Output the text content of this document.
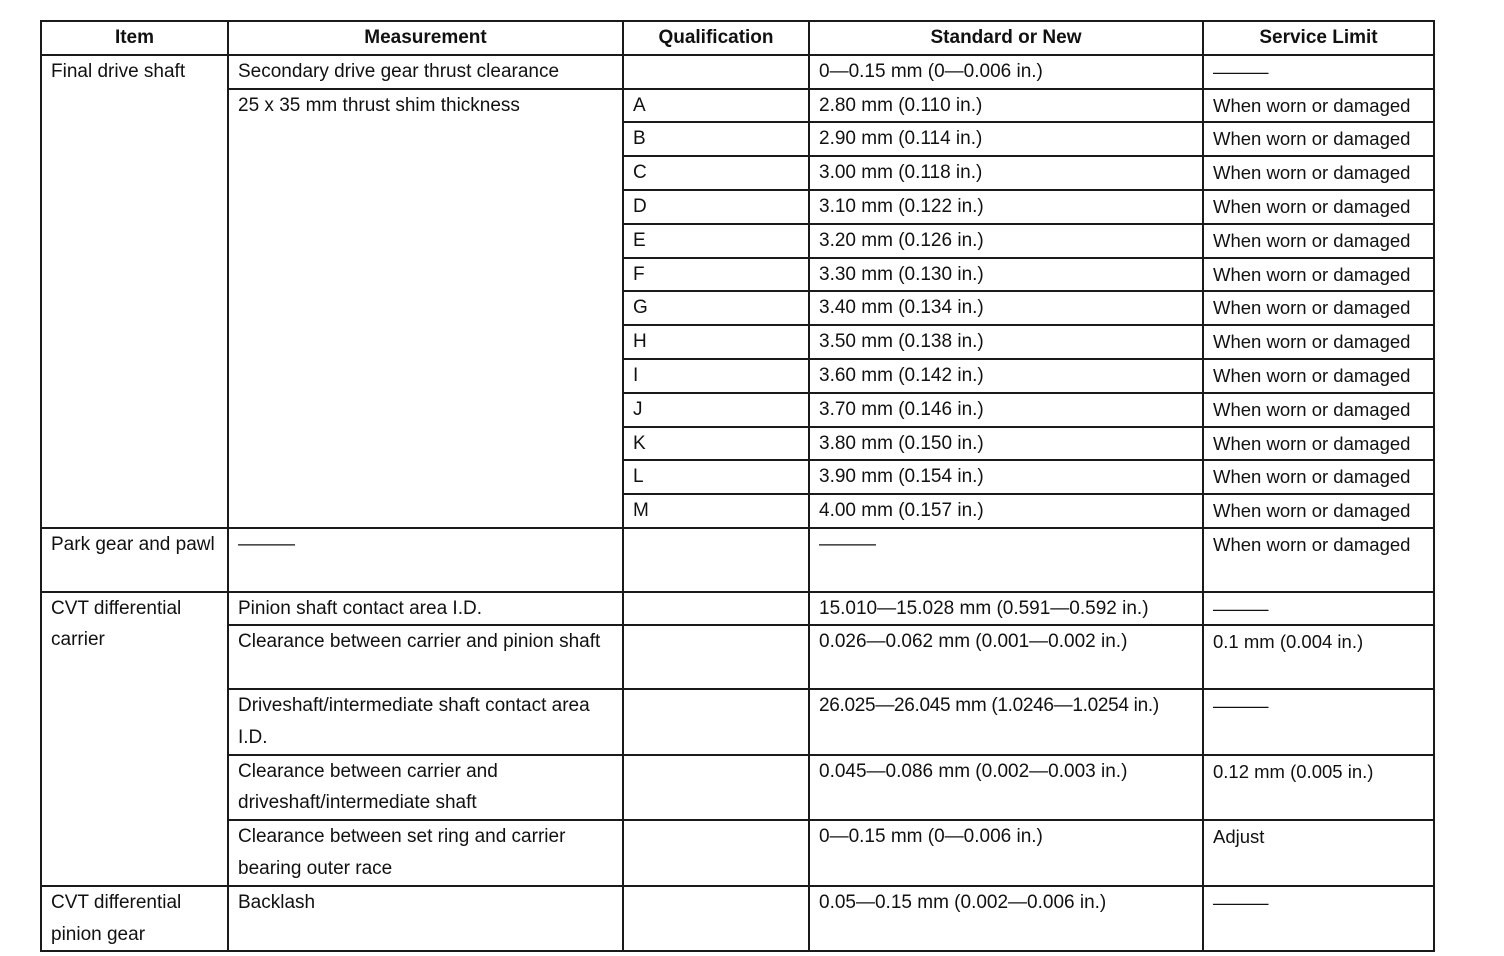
Item	Measurement	Qualification	Standard or New	Service Limit
Final drive shaft	Secondary drive gear thrust clearance		0—0.15 mm (0—0.006 in.)	———
	25 x 35 mm thrust shim thickness	A	2.80 mm (0.110 in.)	When worn or damaged
		B	2.90 mm (0.114 in.)	When worn or damaged
		C	3.00 mm (0.118 in.)	When worn or damaged
		D	3.10 mm (0.122 in.)	When worn or damaged
		E	3.20 mm (0.126 in.)	When worn or damaged
		F	3.30 mm (0.130 in.)	When worn or damaged
		G	3.40 mm (0.134 in.)	When worn or damaged
		H	3.50 mm (0.138 in.)	When worn or damaged
		I	3.60 mm (0.142 in.)	When worn or damaged
		J	3.70 mm (0.146 in.)	When worn or damaged
		K	3.80 mm (0.150 in.)	When worn or damaged
		L	3.90 mm (0.154 in.)	When worn or damaged
		M	4.00 mm (0.157 in.)	When worn or damaged
Park gear and pawl	———		———	When worn or damaged
CVT differential carrier	Pinion shaft contact area I.D.		15.010—15.028 mm (0.591—0.592 in.)	———
	Clearance between carrier and pinion shaft		0.026—0.062 mm (0.001—0.002 in.)	0.1 mm (0.004 in.)
	Driveshaft/intermediate shaft contact area I.D.		26.025—26.045 mm (1.0246—1.0254 in.)	———
	Clearance between carrier and driveshaft/intermediate shaft		0.045—0.086 mm (0.002—0.003 in.)	0.12 mm (0.005 in.)
	Clearance between set ring and carrier bearing outer race		0—0.15 mm (0—0.006 in.)	Adjust
CVT differential pinion gear	Backlash		0.05—0.15 mm (0.002—0.006 in.)	———
